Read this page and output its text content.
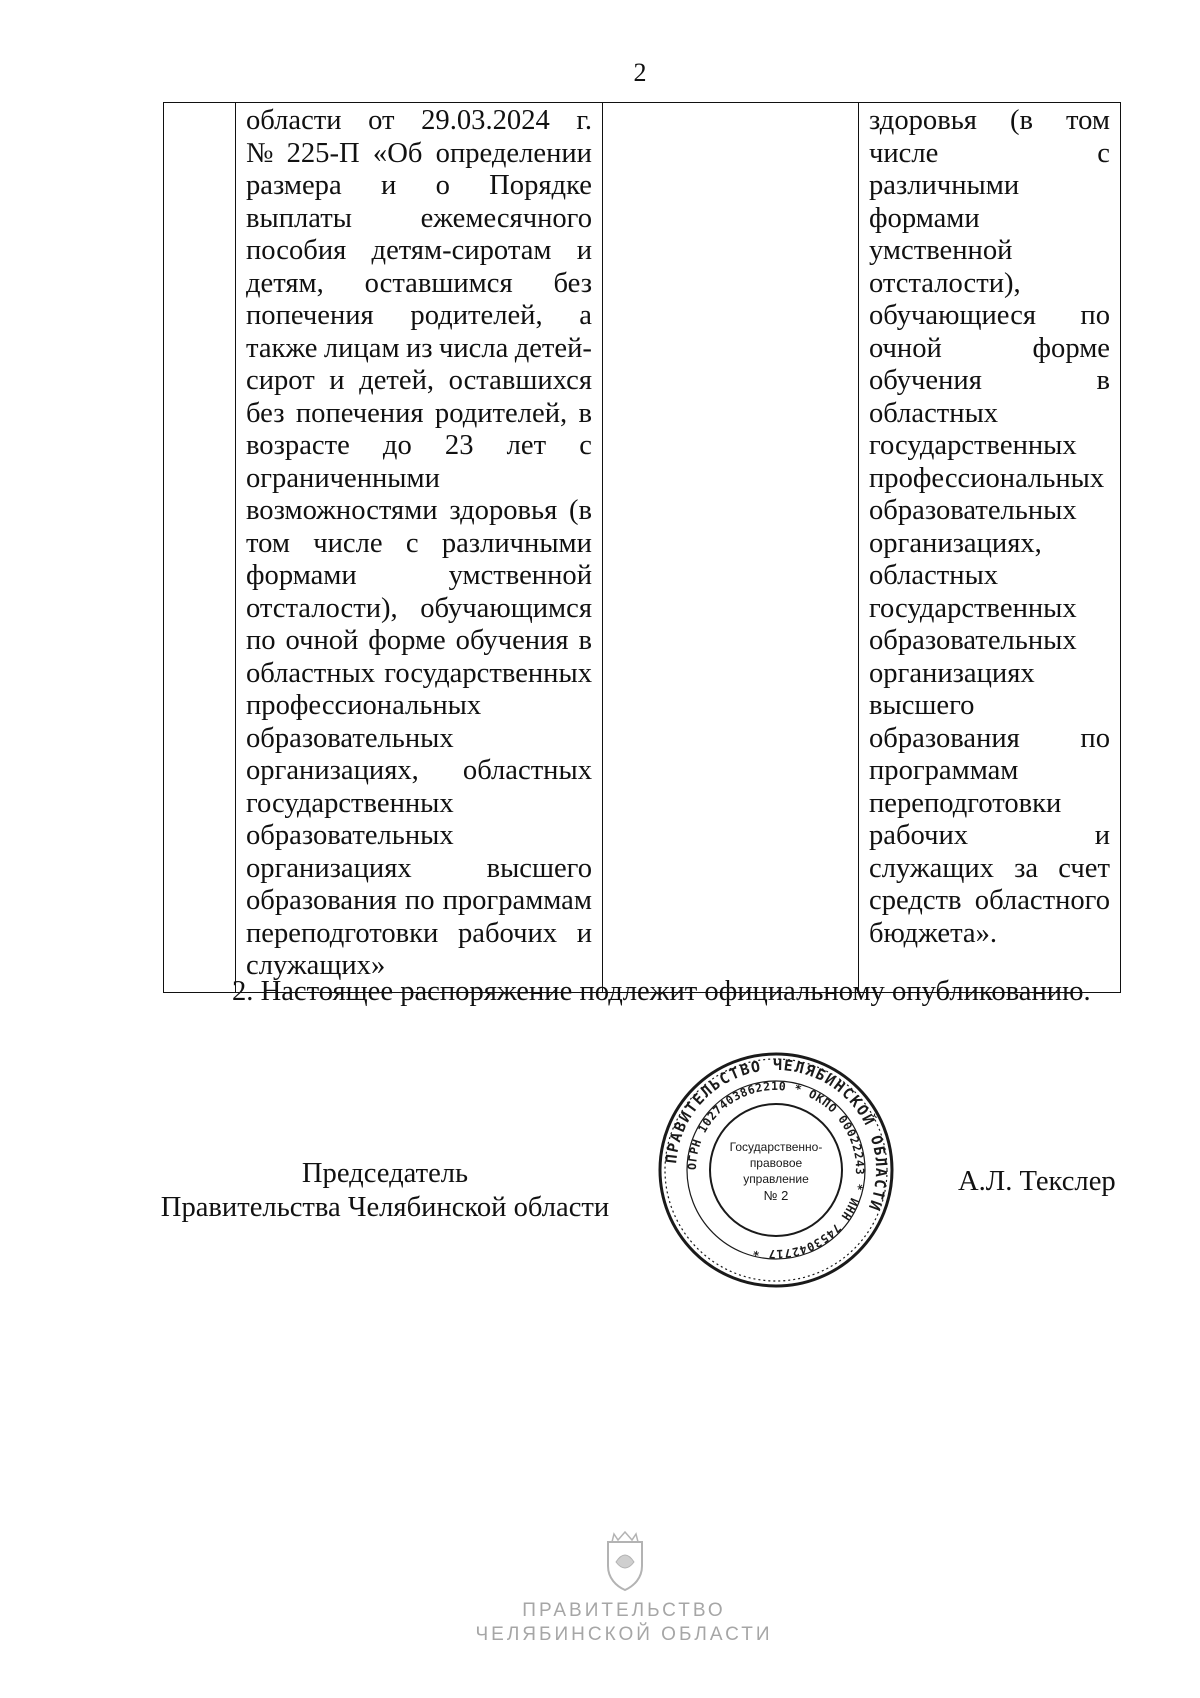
2

области от 29.03.2024 г.
№ 225-П «Об определении
размера и о Порядке
выплаты ежемесячного
пособия детям-сиротам и
детям, оставшимся без
попечения родителей, а
также лицам из числа детей-
сирот и детей, оставшихся
без попечения родителей, в
возрасте до 23 лет с
ограниченными
возможностями здоровья (в
том числе с различными
формами	умственной
отсталости), обучающимся
по очной форме обучения в
областных государственных
профессиональных
образовательных
организациях, областных
государственных
образовательных
организациях	высшего
образования по программам
переподготовки рабочих и
служащих»

здоровья (в том
числе	с
различными
формами
умственной
отсталости),
обучающиеся по
очной	форме
обучения	в
областных
государственных
профессиональных
образовательных
организациях,
областных
государственных
образовательных
организациях
высшего
образования по
программам
переподготовки
рабочих	и
служащих за счет
средств областного
бюджета».
2. Настоящее распоряжение подлежит официальному опубликованию.
Председатель
Правительства Челябинской области
ПРАВИТЕЛЬСТВО ЧЕЛЯБИНСКОЙ ОБЛАСТИ
ОГРН 1027403862210 * ОКПО 00022243 * ИНН 7453042717 *
Государственно-
правовое
управление
№ 2	А.Л. Текслер
ПРАВИТЕЛЬСТВО
ЧЕЛЯБИНСКОЙ ОБЛАСТИ
